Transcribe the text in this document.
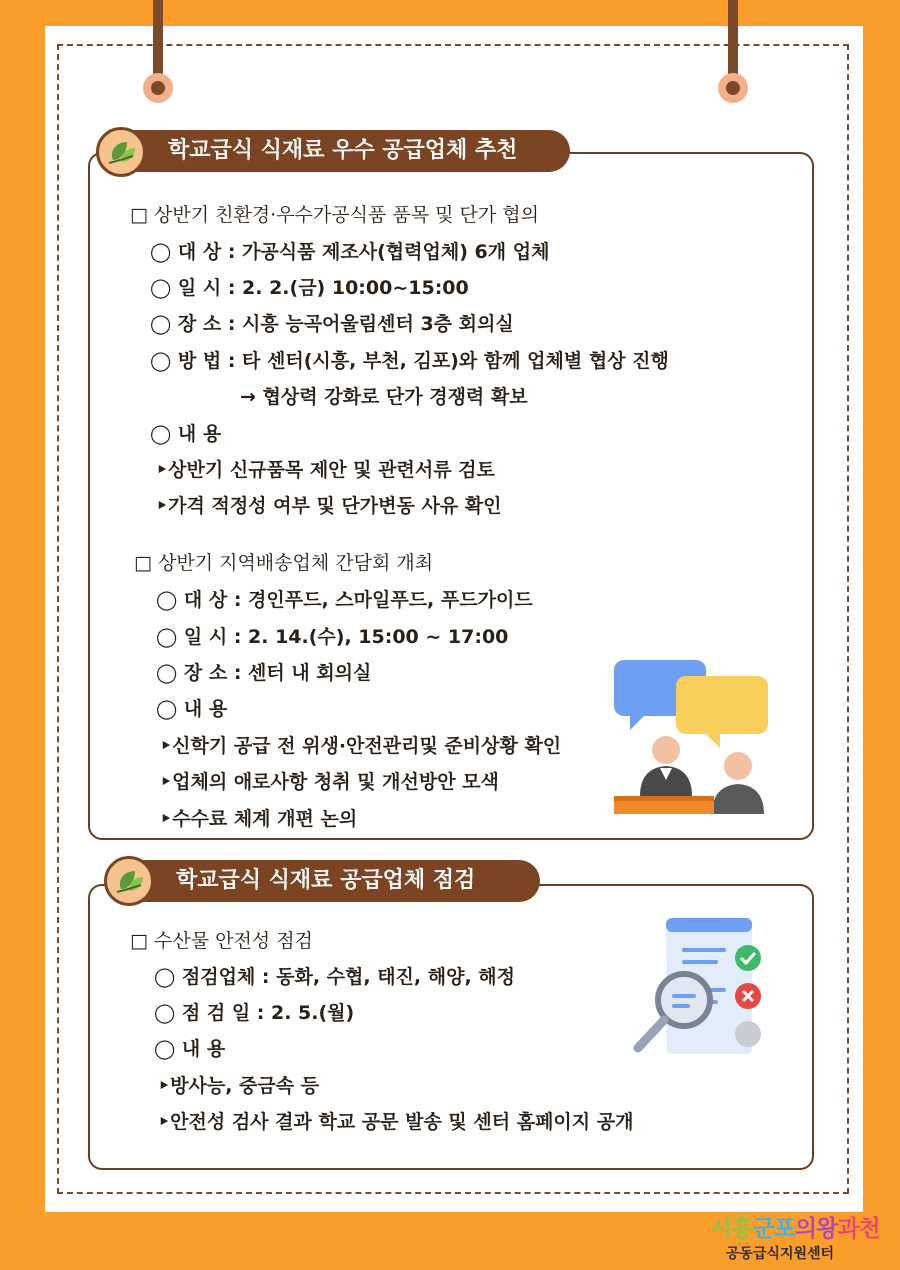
학교급식 식재료 우수 공급업체 추천
□ 상반기 친환경·우수가공식품 품목 및 단가 협의
◯ 대 상 : 가공식품 제조사(협력업체) 6개 업체
◯ 일 시 : 2. 2.(금) 10:00~15:00
◯ 장 소 : 시흥 능곡어울림센터 3층 회의실
◯ 방 법 : 타 센터(시흥, 부천, 김포)와 함께 업체별 협상 진행
→ 협상력 강화로 단가 경쟁력 확보
◯ 내 용
‣상반기 신규품목 제안 및 관련서류 검토
‣가격 적정성 여부 및 단가변동 사유 확인
□ 상반기 지역배송업체 간담회 개최
◯ 대 상 : 경인푸드, 스마일푸드, 푸드가이드
◯ 일 시 : 2. 14.(수), 15:00 ~ 17:00
◯ 장 소 : 센터 내 회의실
◯ 내 용
‣신학기 공급 전 위생·안전관리및 준비상황 확인
‣업체의 애로사항 청취 및 개선방안 모색
‣수수료 체계 개편 논의
학교급식 식재료 공급업체 점검
□ 수산물 안전성 점검
◯ 점검업체 : 동화, 수협, 태진, 해양, 해정
◯ 점 검 일 : 2. 5.(월)
◯ 내 용
‣방사능, 중금속 등
‣안전성 검사 결과 학교 공문 발송 및 센터 홈페이지 공개
시흥군포의왕과천
공동급식지원센터
